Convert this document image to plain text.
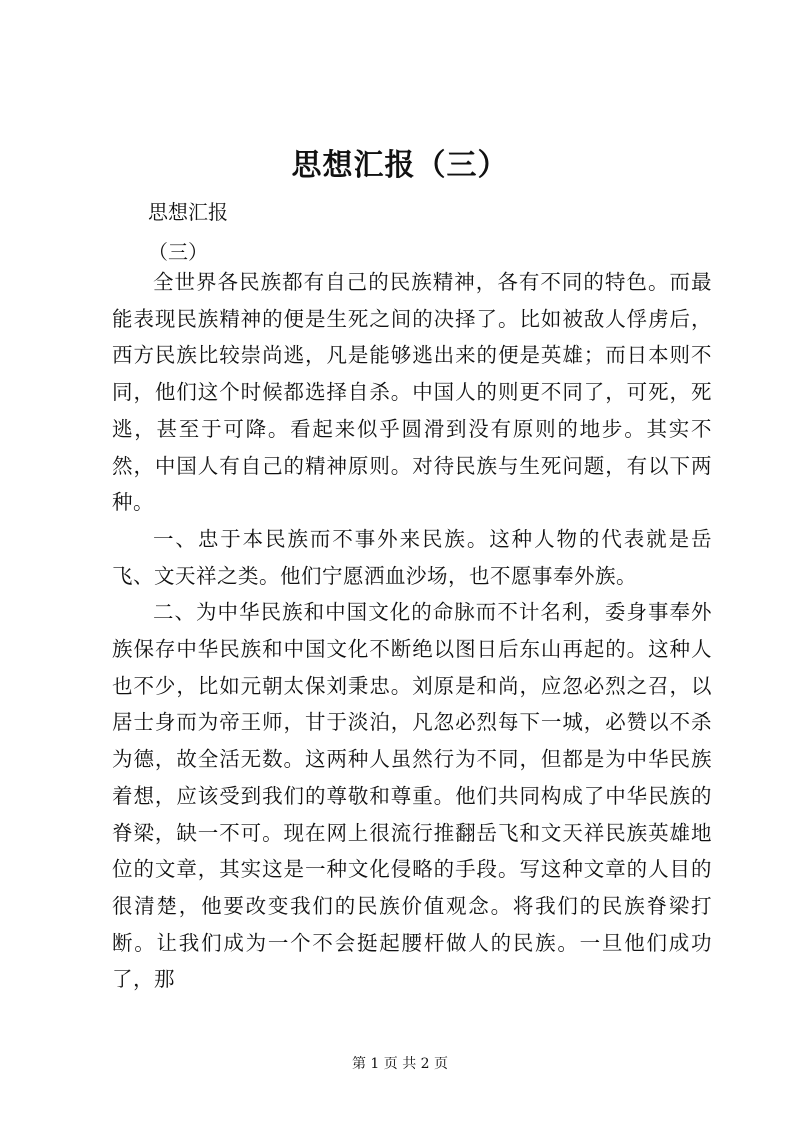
思想汇报（三）
思想汇报
（三）

全世界各民族都有自己的民族精神，各有不同的特色。而最能表现民族精神的便是生死之间的决择了。比如被敌人俘虏后，西方民族比较崇尚逃，凡是能够逃出来的便是英雄；而日本则不同，他们这个时候都选择自杀。中国人的则更不同了，可死，死逃，甚至于可降。看起来似乎圆滑到没有原则的地步。其实不然，中国人有自己的精神原则。对待民族与生死问题，有以下两种。

一、忠于本民族而不事外来民族。这种人物的代表就是岳飞、文天祥之类。他们宁愿洒血沙场，也不愿事奉外族。

二、为中华民族和中国文化的命脉而不计名利，委身事奉外族保存中华民族和中国文化不断绝以图日后东山再起的。这种人也不少，比如元朝太保刘秉忠。刘原是和尚，应忽必烈之召，以居士身而为帝王师，甘于淡泊，凡忽必烈每下一城，必赞以不杀为德，故全活无数。这两种人虽然行为不同，但都是为中华民族着想，应该受到我们的尊敬和尊重。他们共同构成了中华民族的脊梁，缺一不可。现在网上很流行推翻岳飞和文天祥民族英雄地位的文章，其实这是一种文化侵略的手段。写这种文章的人目的很清楚，他要改变我们的民族价值观念。将我们的民族脊梁打断。让我们成为一个不会挺起腰杆做人的民族。一旦他们成功了，那

第 1 页 共 2 页
